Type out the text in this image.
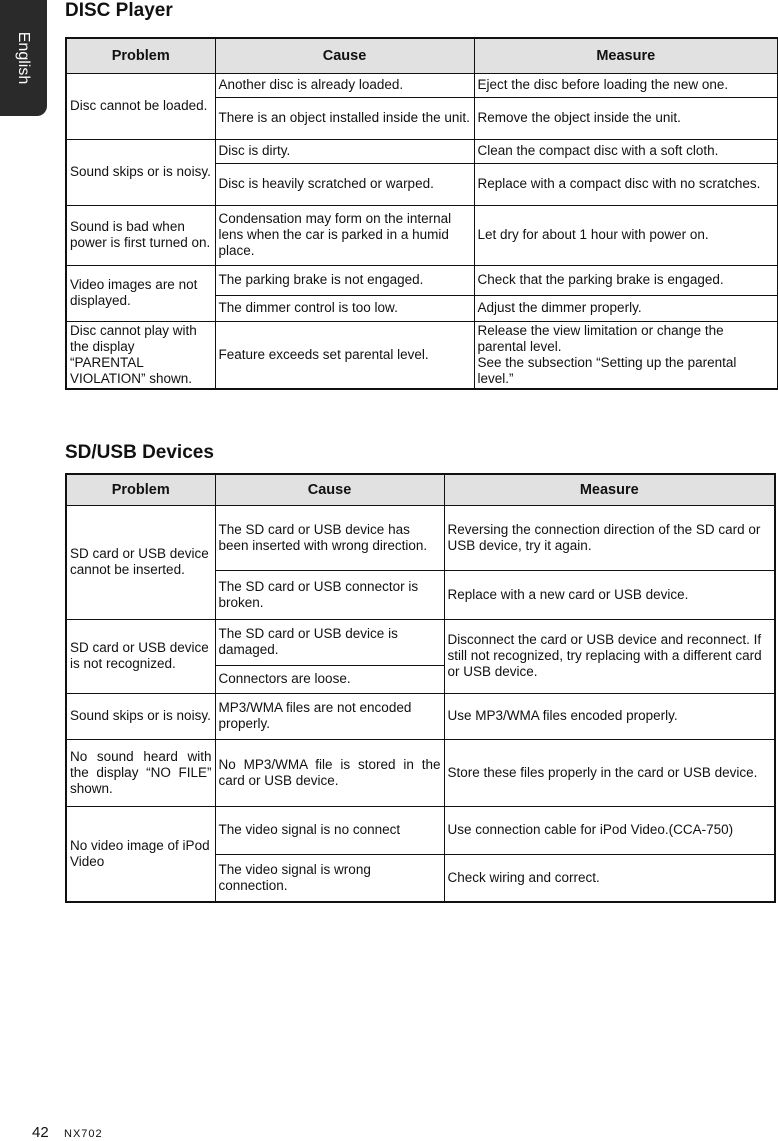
English
DISC Player
Problem	Cause	Measure
Disc cannot be loaded.	Another disc is already loaded.	Eject the disc before loading the new one.
	There is an object installed inside the unit.	Remove the object inside the unit.
Sound skips or is noisy.	Disc is dirty.	Clean the compact disc with a soft cloth.
	Disc is heavily scratched or warped.	Replace with a compact disc with no scratches.
Sound is bad when power is first turned on.	Condensation may form on the internal lens when the car is parked in a humid place.	Let dry for about 1 hour with power on.
Video images are not displayed.	The parking brake is not engaged.	Check that the parking brake is engaged.
	The dimmer control is too low.	Adjust the dimmer properly.
Disc cannot play with the display “PARENTAL VIOLATION” shown.	Feature exceeds set parental level.	Release the view limitation or change the parental level.
See the subsection “Setting up the parental level.”
SD/USB Devices
Problem	Cause	Measure
SD card or USB device cannot be inserted.	The SD card or USB device has been inserted with wrong direction.	Reversing the connection direction of the SD card or USB device, try it again.
	The SD card or USB connector is broken.	Replace with a new card or USB device.
SD card or USB device is not recognized.	The SD card or USB device is damaged.	Disconnect the card or USB device and reconnect. If still not recognized, try replacing with a different card or USB device.
	Connectors are loose.	
Sound skips or is noisy.	MP3/WMA files are not encoded properly.	Use MP3/WMA files encoded properly.
No sound heard with the display “NO FILE” shown.	No MP3/WMA file is stored in the card or USB device.	Store these files properly in the card or USB device.
No video image of iPod Video	The video signal is no connect	Use connection cable for iPod Video.(CCA-750)
	The video signal is wrong connection.	Check wiring and correct.
42 NX702
